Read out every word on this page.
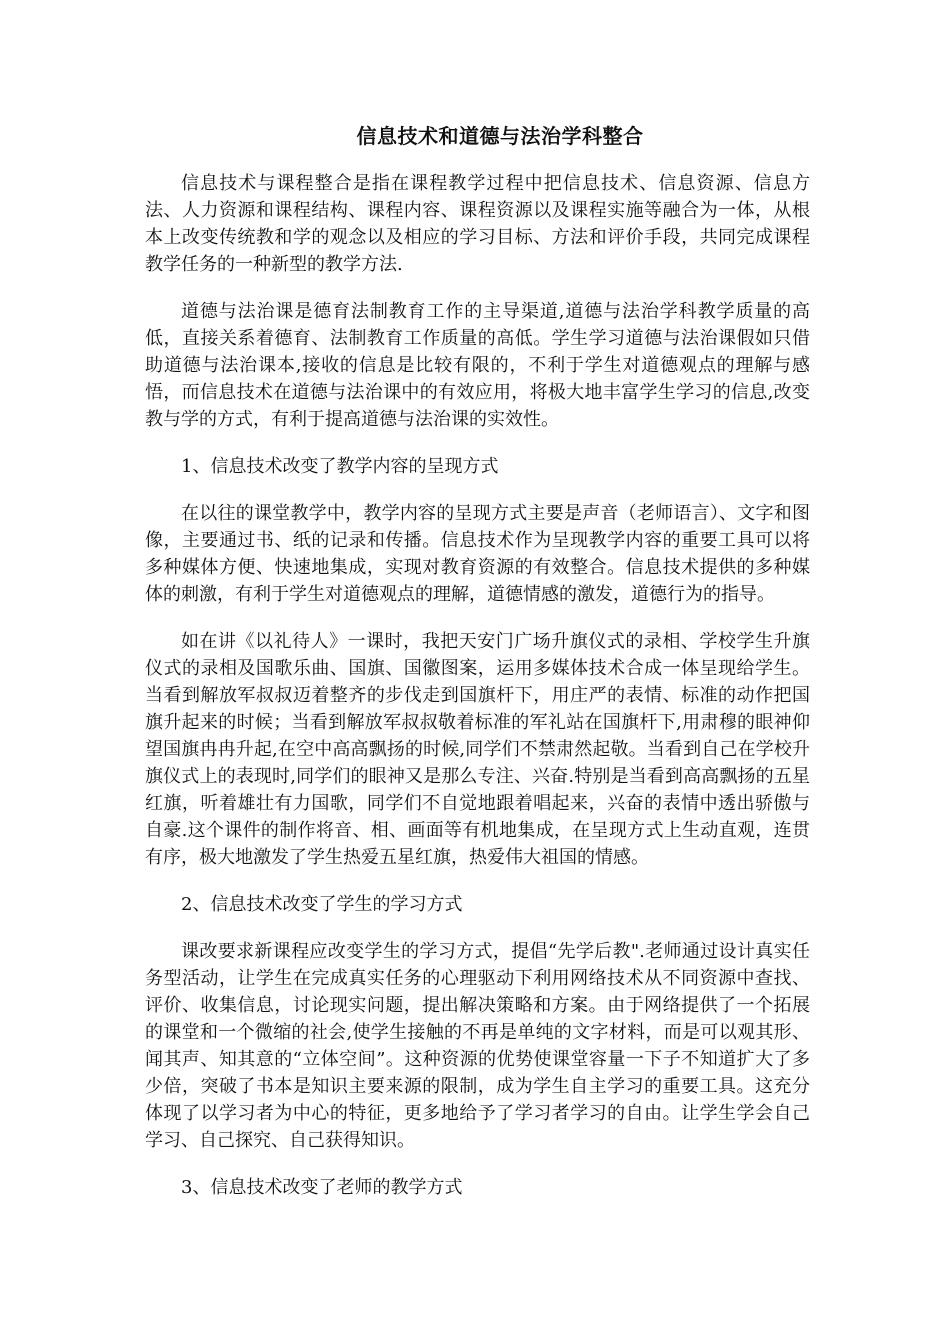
信息技术和道德与法治学科整合

信息技术与课程整合是指在课程教学过程中把信息技术、信息资源、信息方法、人力资源和课程结构、课程内容、课程资源以及课程实施等融合为一体，从根本上改变传统教和学的观念以及相应的学习目标、方法和评价手段，共同完成课程教学任务的一种新型的教学方法.

道德与法治课是德育法制教育工作的主导渠道,道德与法治学科教学质量的高低，直接关系着德育、法制教育工作质量的高低。学生学习道德与法治课假如只借助道德与法治课本,接收的信息是比较有限的，不利于学生对道德观点的理解与感悟，而信息技术在道德与法治课中的有效应用，将极大地丰富学生学习的信息,改变教与学的方式，有利于提高道德与法治课的实效性。

1、信息技术改变了教学内容的呈现方式

在以往的课堂教学中，教学内容的呈现方式主要是声音（老师语言）、文字和图像，主要通过书、纸的记录和传播。信息技术作为呈现教学内容的重要工具可以将多种媒体方便、快速地集成，实现对教育资源的有效整合。信息技术提供的多种媒体的刺激，有利于学生对道德观点的理解，道德情感的激发，道德行为的指导。

如在讲《以礼待人》一课时，我把天安门广场升旗仪式的录相、学校学生升旗仪式的录相及国歌乐曲、国旗、国徽图案，运用多媒体技术合成一体呈现给学生。当看到解放军叔叔迈着整齐的步伐走到国旗杆下，用庄严的表情、标准的动作把国旗升起来的时候；当看到解放军叔叔敬着标准的军礼站在国旗杆下,用肃穆的眼神仰望国旗冉冉升起,在空中高高飘扬的时候,同学们不禁肃然起敬。当看到自己在学校升旗仪式上的表现时,同学们的眼神又是那么专注、兴奋.特别是当看到高高飘扬的五星红旗，听着雄壮有力国歌，同学们不自觉地跟着唱起来，兴奋的表情中透出骄傲与自豪.这个课件的制作将音、相、画面等有机地集成，在呈现方式上生动直观，连贯有序，极大地激发了学生热爱五星红旗，热爱伟大祖国的情感。

2、信息技术改变了学生的学习方式

课改要求新课程应改变学生的学习方式，提倡“先学后教".老师通过设计真实任务型活动，让学生在完成真实任务的心理驱动下利用网络技术从不同资源中查找、评价、收集信息，讨论现实问题，提出解决策略和方案。由于网络提供了一个拓展的课堂和一个微缩的社会,使学生接触的不再是单纯的文字材料，而是可以观其形、闻其声、知其意的“立体空间”。这种资源的优势使课堂容量一下子不知道扩大了多少倍，突破了书本是知识主要来源的限制，成为学生自主学习的重要工具。这充分体现了以学习者为中心的特征，更多地给予了学习者学习的自由。让学生学会自己学习、自己探究、自己获得知识。

3、信息技术改变了老师的教学方式
